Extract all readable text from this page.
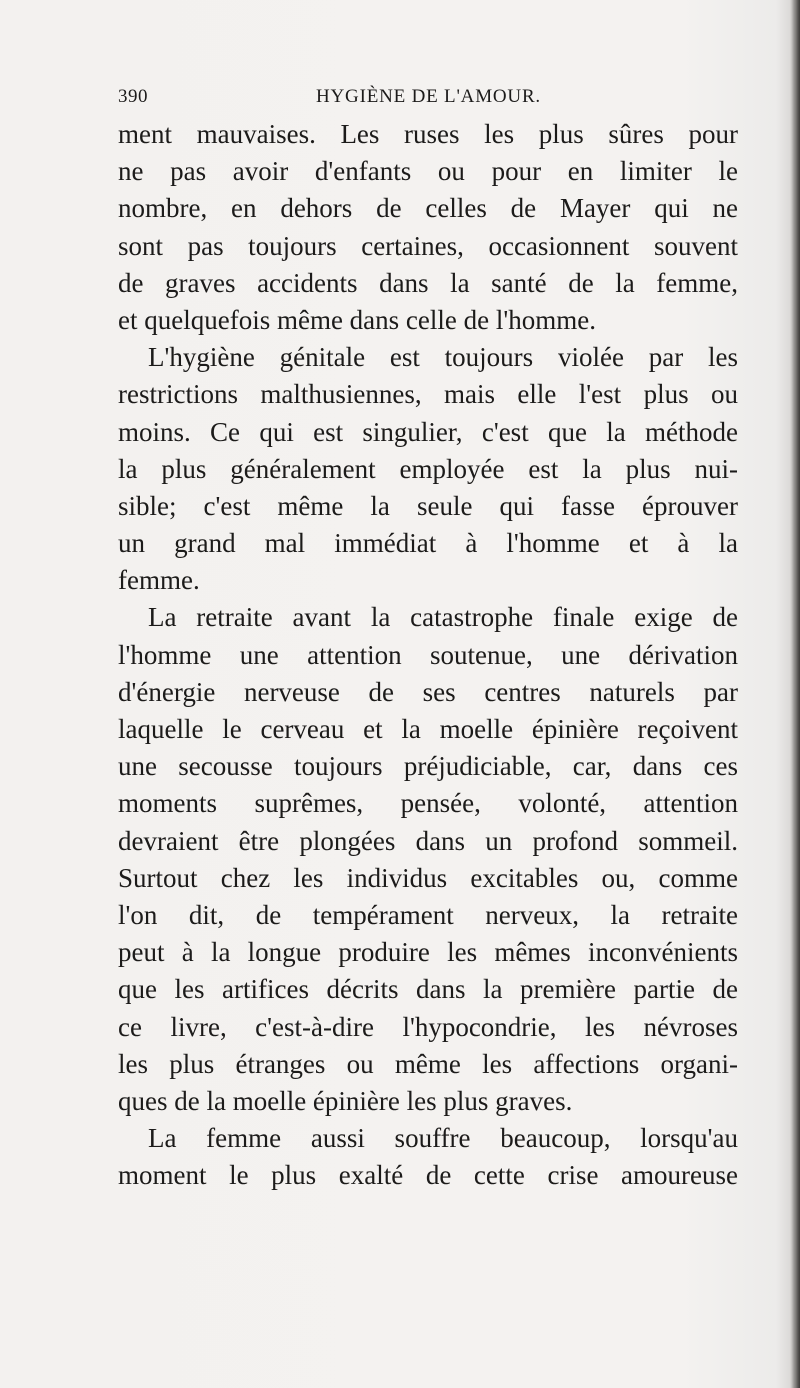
390	HYGIÈNE DE L'AMOUR.
ment mauvaises. Les ruses les plus sûres pour
ne pas avoir d'enfants ou pour en limiter le
nombre, en dehors de celles de Mayer qui ne
sont pas toujours certaines, occasionnent souvent
de graves accidents dans la santé de la femme,
et quelquefois même dans celle de l'homme.
L'hygiène génitale est toujours violée par les
restrictions malthusiennes, mais elle l'est plus ou
moins. Ce qui est singulier, c'est que la méthode
la plus généralement employée est la plus nui-
sible; c'est même la seule qui fasse éprouver
un grand mal immédiat à l'homme et à la
femme.
La retraite avant la catastrophe finale exige de
l'homme une attention soutenue, une dérivation
d'énergie nerveuse de ses centres naturels par
laquelle le cerveau et la moelle épinière reçoivent
une secousse toujours préjudiciable, car, dans ces
moments suprêmes, pensée, volonté, attention
devraient être plongées dans un profond sommeil.
Surtout chez les individus excitables ou, comme
l'on dit, de tempérament nerveux, la retraite
peut à la longue produire les mêmes inconvénients
que les artifices décrits dans la première partie de
ce livre, c'est-à-dire l'hypocondrie, les névroses
les plus étranges ou même les affections organi-
ques de la moelle épinière les plus graves.
La femme aussi souffre beaucoup, lorsqu'au
moment le plus exalté de cette crise amoureuse
